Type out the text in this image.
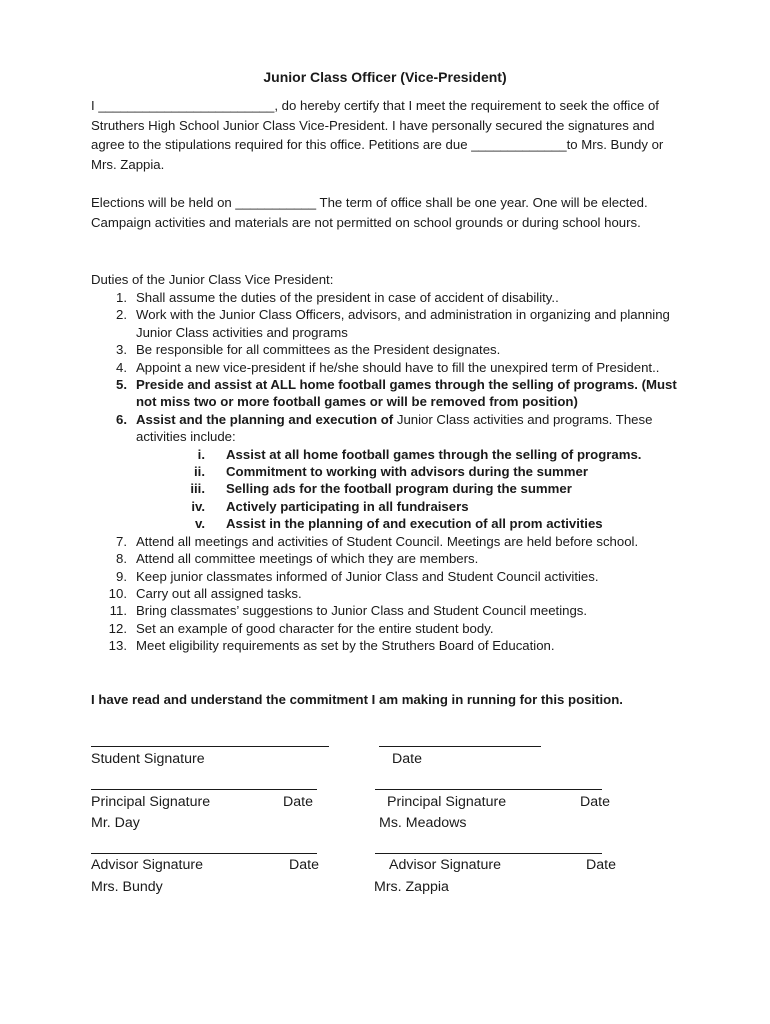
Junior Class Officer (Vice-President)
I ________________________, do hereby certify that I meet the requirement to seek the office of Struthers High School Junior Class Vice-President. I have personally secured the signatures and agree to the stipulations required for this office. Petitions are due _____________to Mrs. Bundy or Mrs. Zappia.
Elections will be held on ___________ The term of office shall be one year. One will be elected. Campaign activities and materials are not permitted on school grounds or during school hours.
Duties of the Junior Class Vice President:
1. Shall assume the duties of the president in case of accident of disability..
2. Work with the Junior Class Officers, advisors, and administration in organizing and planning Junior Class activities and programs
3. Be responsible for all committees as the President designates.
4. Appoint a new vice-president if he/she should have to fill the unexpired term of President..
5. Preside and assist at ALL home football games through the selling of programs. (Must not miss two or more football games or will be removed from position)
6. Assist and the planning and execution of Junior Class activities and programs. These activities include:
i. Assist at all home football games through the selling of programs.
ii. Commitment to working with advisors during the summer
iii. Selling ads for the football program during the summer
iv. Actively participating in all fundraisers
v. Assist in the planning of and execution of all prom activities
7. Attend all meetings and activities of Student Council. Meetings are held before school.
8. Attend all committee meetings of which they are members.
9. Keep junior classmates informed of Junior Class and Student Council activities.
10. Carry out all assigned tasks.
11. Bring classmates’ suggestions to Junior Class and Student Council meetings.
12. Set an example of good character for the entire student body.
13. Meet eligibility requirements as set by the Struthers Board of Education.
I have read and understand the commitment I am making in running for this position.
Student Signature	Date
Principal Signature	Date	Principal Signature	Date
Mr. Day	Ms. Meadows
Advisor Signature	Date	Advisor Signature	Date
Mrs. Bundy	Mrs. Zappia
